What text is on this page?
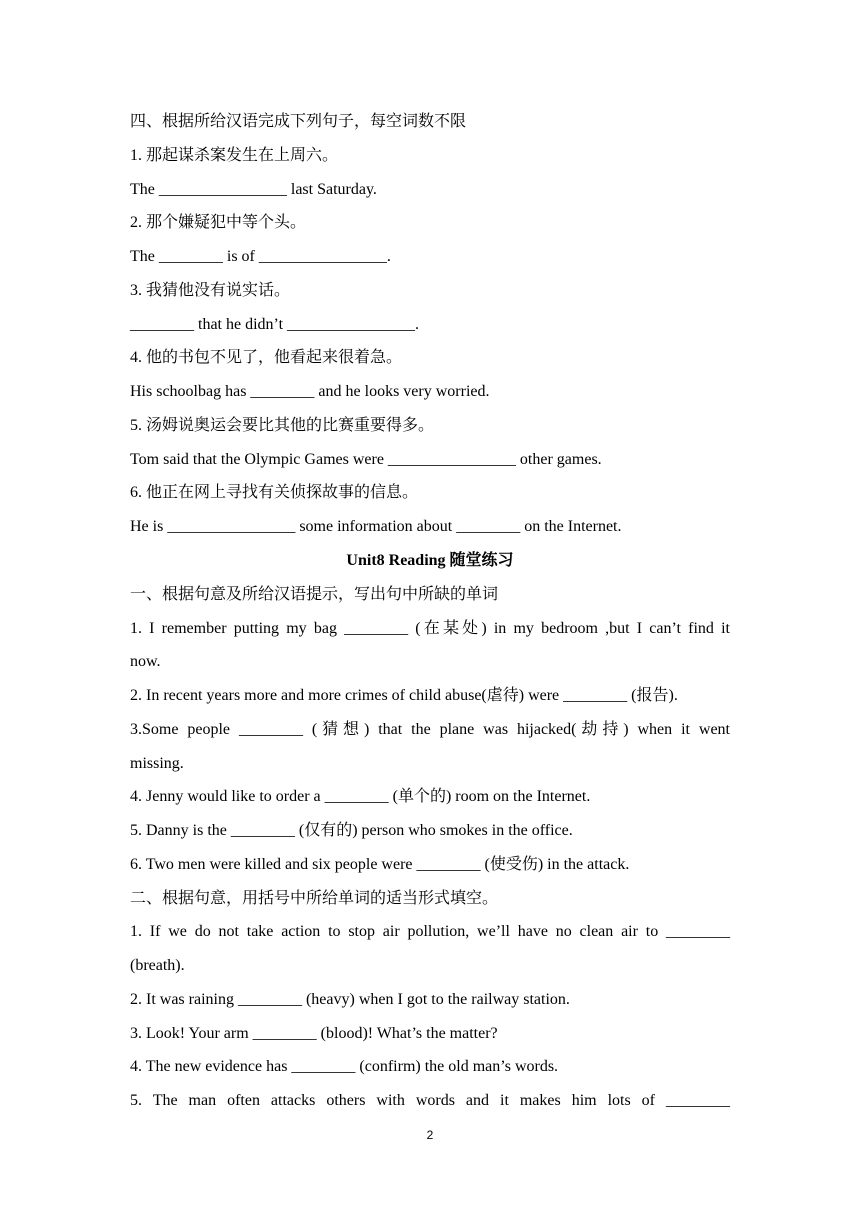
四、根据所给汉语完成下列句子，每空词数不限
1. 那起谋杀案发生在上周六。
The ________________ last Saturday.
2. 那个嫌疑犯中等个头。
The ________ is of ________________.
3. 我猜他没有说实话。
________ that he didn’t ________________.
4. 他的书包不见了，他看起来很着急。
His schoolbag has ________ and he looks very worried.
5. 汤姆说奥运会要比其他的比赛重要得多。
Tom said that the Olympic Games were ________________ other games.
6. 他正在网上寻找有关侦探故事的信息。
He is ________________ some information about ________ on the Internet.
Unit8 Reading 随堂练习
一、根据句意及所给汉语提示，写出句中所缺的单词
1. I remember putting my bag ________ (在某处) in my bedroom ,but I can’t find it
now.
2. In recent years more and more crimes of child abuse(虐待) were ________ (报告).
3.Some people ________ (猜想) that the plane was hijacked(劫持) when it went
missing.
4. Jenny would like to order a ________ (单个的) room on the Internet.
5. Danny is the ________ (仅有的) person who smokes in the office.
6. Two men were killed and six people were ________ (使受伤) in the attack.
二、根据句意，用括号中所给单词的适当形式填空。
1. If we do not take action to stop air pollution, we’ll have no clean air to ________
(breath).
2. It was raining ________ (heavy) when I got to the railway station.
3. Look! Your arm ________ (blood)! What’s the matter?
4. The new evidence has ________ (confirm) the old man’s words.
5. The man often attacks others with words and it makes him lots of ________
2
